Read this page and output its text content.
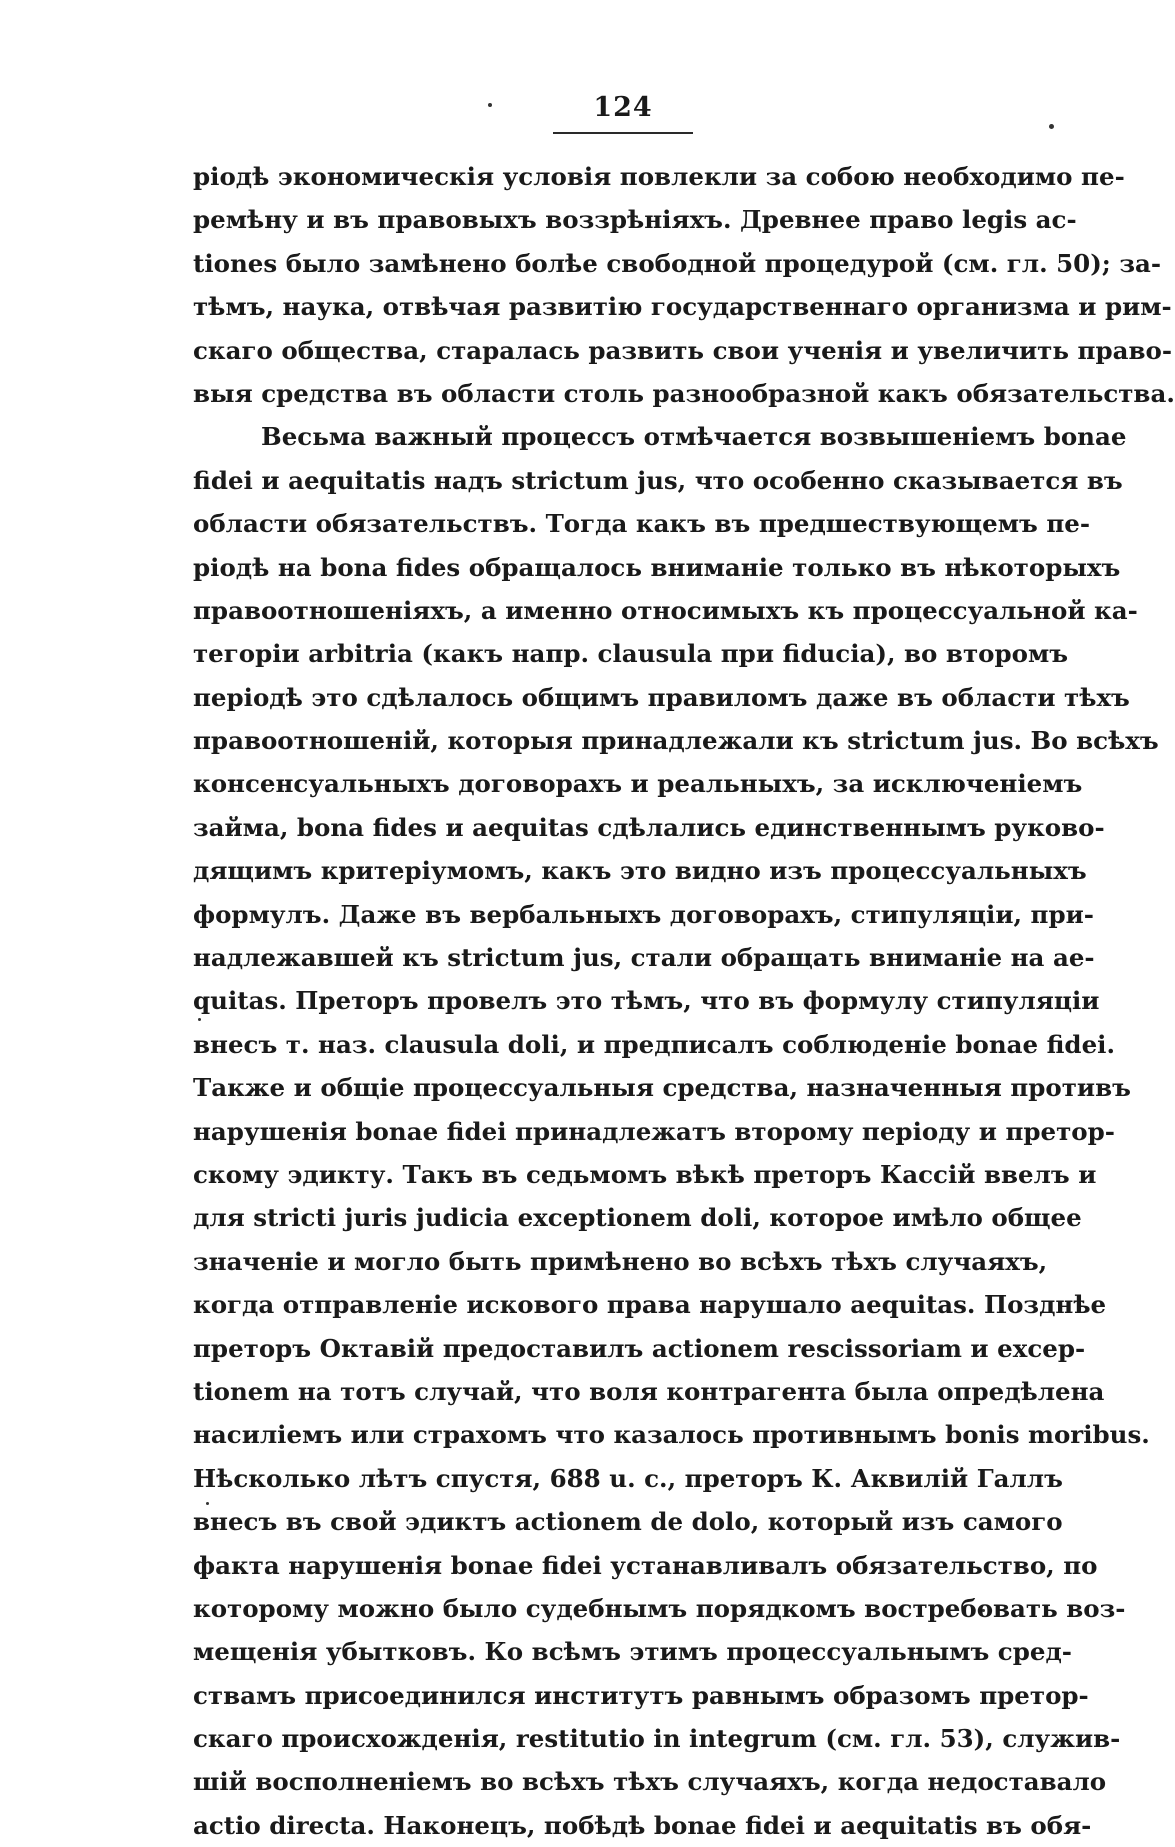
124
ріодѣ экономическія условія повлекли за собою необходимо пе-
ремѣну и въ правовыхъ воззрѣніяхъ. Древнее право legis ac-
tiones было замѣнено болѣе свободной процедурой (см. гл. 50); за-
тѣмъ, наука, отвѣчая развитію государственнаго организма и рим-
скаго общества, старалась развить свои ученія и увеличить право-
выя средства въ области столь разнообразной какъ обязательства.
Весьма важный процессъ отмѣчается возвышеніемъ bonae
fidei и aequitatis надъ strictum jus, что особенно сказывается въ
области обязательствъ. Тогда какъ въ предшествующемъ пе-
ріодѣ на bona fides обращалось вниманіе только въ нѣкоторыхъ
правоотношеніяхъ, а именно относимыхъ къ процессуальной ка-
тегоріи arbitria (какъ напр. clausula при fiducia), во второмъ
періодѣ это сдѣлалось общимъ правиломъ даже въ области тѣхъ
правоотношеній, которыя принадлежали къ strictum jus. Во всѣхъ
консенсуальныхъ договорахъ и реальныхъ, за исключеніемъ
займа, bona fides и aequitas сдѣлались единственнымъ руково-
дящимъ критеріумомъ, какъ это видно изъ процессуальныхъ
формулъ. Даже въ вербальныхъ договорахъ, стипуляціи, при-
надлежавшей къ strictum jus, стали обращать вниманіе на ae-
quitas. Преторъ провелъ это тѣмъ, что въ формулу стипуляціи
внесъ т. наз. clausula doli, и предписалъ соблюденіе bonae fidei.
Также и общіе процессуальныя средства, назначенныя противъ
нарушенія bonae fidei принадлежатъ второму періоду и претор-
скому эдикту. Такъ въ седьмомъ вѣкѣ преторъ Кассій ввелъ и
для stricti juris judicia exceptionem doli, которое имѣло общее
значеніе и могло быть примѣнено во всѣхъ тѣхъ случаяхъ,
когда отправленіе искового права нарушало aequitas. Позднѣе
преторъ Октавій предоставилъ actionem rescissoriam и excep-
tionem на тотъ случай, что воля контрагента была опредѣлена
насиліемъ или страхомъ что казалось противнымъ bonis moribus.
Нѣсколько лѣтъ спустя, 688 u. c., преторъ К. Аквилій Галлъ
внесъ въ свой эдиктъ actionem de dolo, который изъ самого
факта нарушенія bonae fidei устанавливалъ обязательство, по
которому можно было судебнымъ порядкомъ востребовать воз-
мещенія убытковъ. Ко всѣмъ этимъ процессуальнымъ сред-
ствамъ присоединился институтъ равнымъ образомъ претор-
скаго происхожденія, restitutio in integrum (см. гл. 53), служив-
шій восполненіемъ во всѣхъ тѣхъ случаяхъ, когда недоставало
actio directa. Наконецъ, побѣдѣ bonae fidei и aequitatis въ обя-
